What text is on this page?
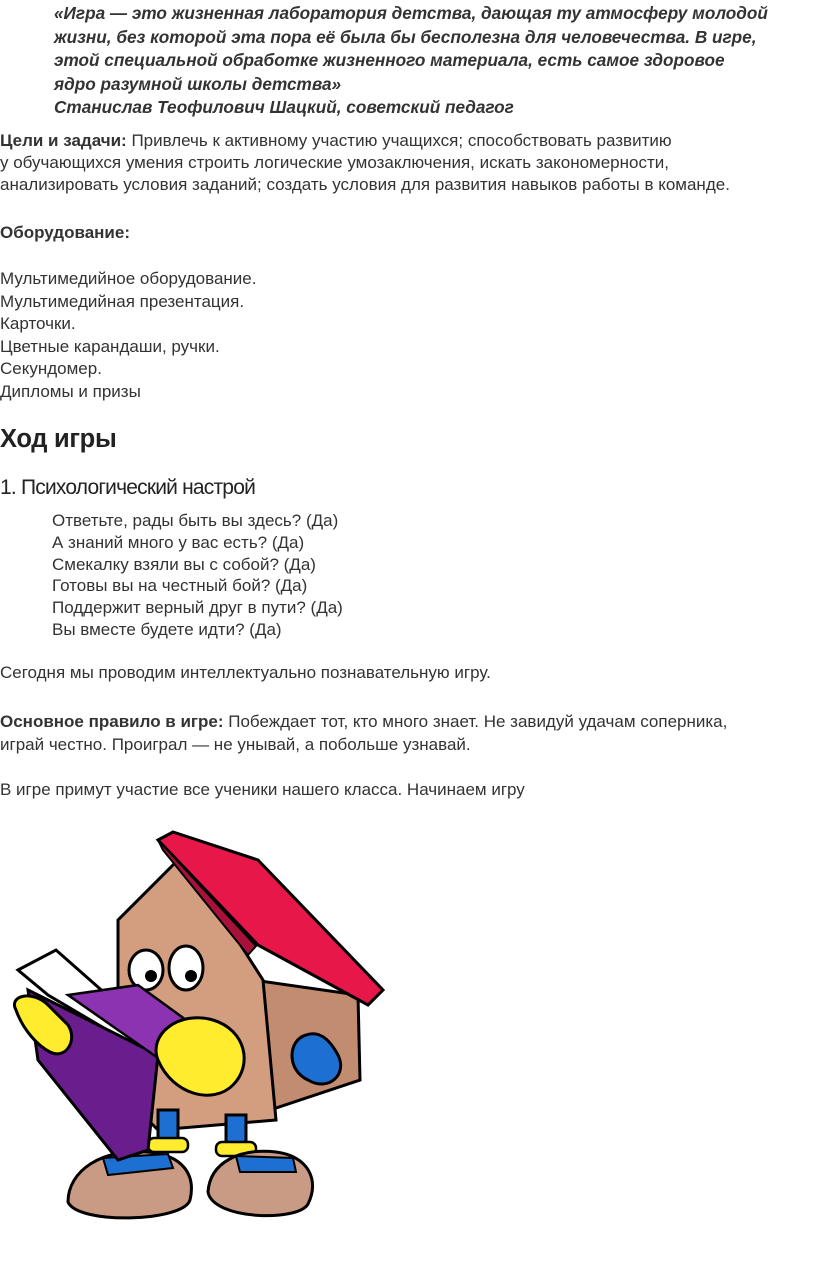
«Игра — это жизненная лаборатория детства, дающая ту атмосферу молодой
жизни, без которой эта пора её была бы бесполезна для человечества. В игре,
этой специальной обработке жизненного материала, есть самое здоровое
ядро разумной школы детства»
Станислав Теофилович Шацкий, советский педагог
Цели и задачи: Привлечь к активному участию учащихся; способствовать развитию
у обучающихся умения строить логические умозаключения, искать закономерности,
анализировать условия заданий; создать условия для развития навыков работы в команде.
Оборудование:
Мультимедийное оборудование.
Мультимедийная презентация.
Карточки.
Цветные карандаши, ручки.
Секундомер.
Дипломы и призы
Ход игры
1. Психологический настрой
Ответьте, рады быть вы здесь? (Да)
А знаний много у вас есть? (Да)
Смекалку взяли вы с собой? (Да)
Готовы вы на честный бой? (Да)
Поддержит верный друг в пути? (Да)
Вы вместе будете идти? (Да)
Сегодня мы проводим интеллектуально познавательную игру.
Основное правило в игре: Побеждает тот, кто много знает. Не завидуй удачам соперника,
играй честно. Проиграл — не унывай, а побольше узнавай.
В игре примут участие все ученики нашего класса. Начинаем игру
